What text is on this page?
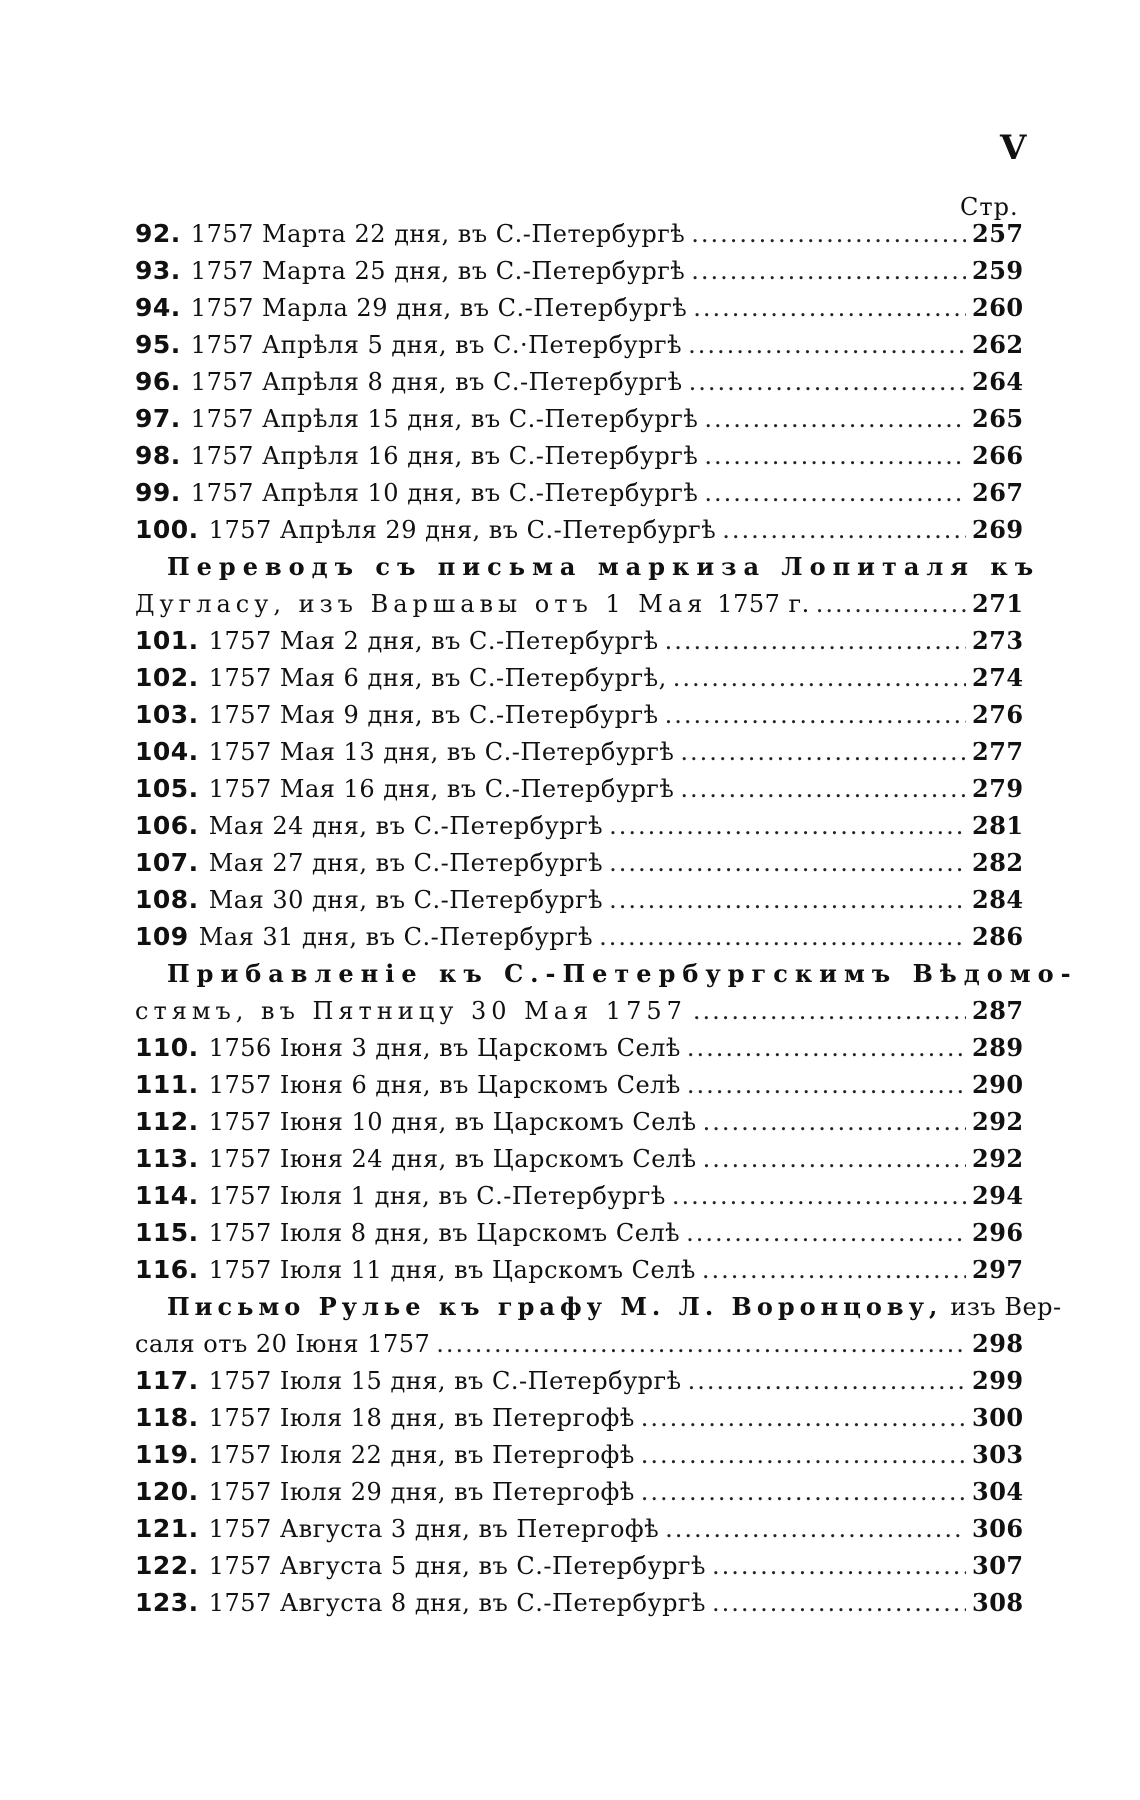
V
Стр.
92. 1757 Марта 22 дня, въ С.-Петербургѣ .....	257
93. 1757 Марта 25 дня, въ С.-Петербургѣ .....	259
94. 1757 Марла 29 дня, въ С.-Петербургѣ .....	260
95. 1757 Апрѣля 5 дня, въ С.·Петербургѣ .....	262
96. 1757 Апрѣля 8 дня, въ С.-Петербургѣ .....	264
97. 1757 Апрѣля 15 дня, въ С.-Петербургѣ .....	265
98. 1757 Апрѣля 16 дня, въ С.-Петербургѣ .....	266
99. 1757 Апрѣля 10 дня, въ С.-Петербургѣ .....	267
100. 1757 Апрѣля 29 дня, въ С.-Петербургѣ .....	269
Переводъ съ письма маркиза Лопиталя къ
Дугласу, изъ Варшавы отъ 1 Мая 1757 г. .....	271
101. 1757 Мая 2 дня, въ С.-Петербургѣ .....	273
102. 1757 Мая 6 дня, въ С.-Петербургѣ, .....	274
103. 1757 Мая 9 дня, въ С.-Петербургѣ .....	276
104. 1757 Мая 13 дня, въ С.-Петербургѣ .....	277
105. 1757 Мая 16 дня, въ С.-Петербургѣ .....	279
106. Мая 24 дня, въ С.-Петербургѣ .....	281
107. Мая 27 дня, въ С.-Петербургѣ .....	282
108. Мая 30 дня, въ С.-Петербургѣ .....	284
109 Мая 31 дня, въ С.-Петербургѣ .....	286
Прибавленіе къ С.-Петербургскимъ Вѣдомо-
стямъ, въ Пятницу 30 Мая 1757 .....	287
110. 1756 Іюня 3 дня, въ Царскомъ Селѣ .....	289
111. 1757 Іюня 6 дня, въ Царскомъ Селѣ .....	290
112. 1757 Іюня 10 дня, въ Царскомъ Селѣ .....	292
113. 1757 Іюня 24 дня, въ Царскомъ Селѣ .....	292
114. 1757 Іюля 1 дня, въ С.-Петербургѣ .....	294
115. 1757 Іюля 8 дня, въ Царскомъ Селѣ .....	296
116. 1757 Іюля 11 дня, въ Царскомъ Селѣ .....	297
Письмо Рулье къ графу М. Л. Воронцову, изъ Вер-
саля отъ 20 Іюня 1757 .....	298
117. 1757 Іюля 15 дня, въ С.-Петербургѣ .....	299
118. 1757 Іюля 18 дня, въ Петергофѣ .....	300
119. 1757 Іюля 22 дня, въ Петергофѣ .....	303
120. 1757 Іюля 29 дня, въ Петергофѣ .....	304
121. 1757 Августа 3 дня, въ Петергофѣ .....	306
122. 1757 Августа 5 дня, въ С.-Петербургѣ .....	307
123. 1757 Августа 8 дня, въ С.-Петербургѣ .....	308
